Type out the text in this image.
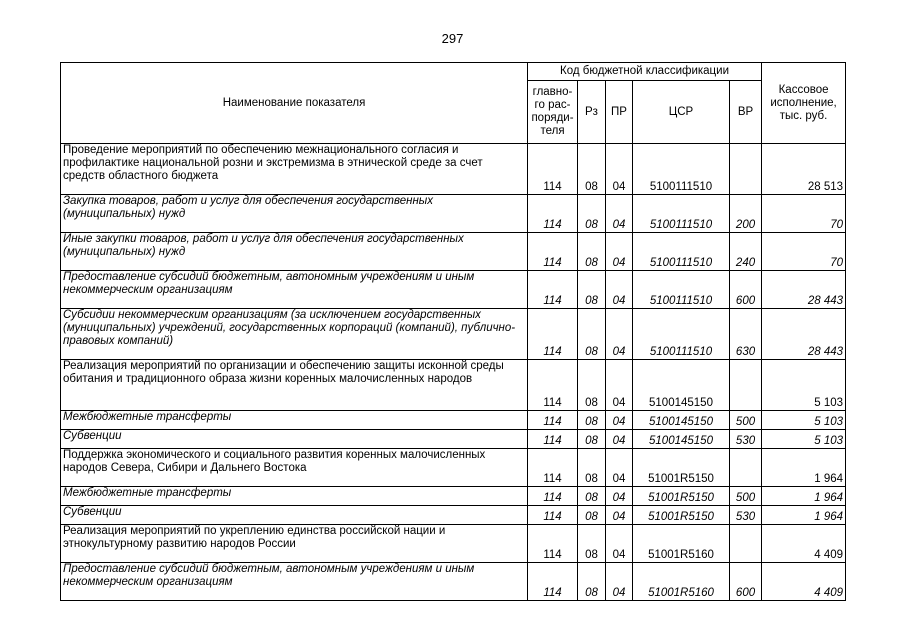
297
Наименование показателя	Код бюджетной классификации					Кассовое исполнение, тыс. руб.
	главно-го рас-поряди-теля	Рз	ПР	ЦСР	ВР	
Проведение мероприятий по обеспечению межнационального согласия и профилактике национальной розни и экстремизма в этнической среде за счет средств областного бюджета	114	08	04	5100111510		28 513
Закупка товаров, работ и услуг для обеспечения государственных (муниципальных) нужд	114	08	04	5100111510	200	70
Иные закупки товаров, работ и услуг для обеспечения государственных (муниципальных) нужд	114	08	04	5100111510	240	70
Предоставление субсидий бюджетным, автономным учреждениям и иным некоммерческим организациям	114	08	04	5100111510	600	28 443
Субсидии некоммерческим организациям (за исключением государственных (муниципальных) учреждений, государственных корпораций (компаний), публично-правовых компаний)	114	08	04	5100111510	630	28 443
Реализация мероприятий по организации и обеспечению защиты исконной среды обитания и традиционного образа жизни коренных малочисленных народов	114	08	04	5100145150		5 103
Межбюджетные трансферты	114	08	04	5100145150	500	5 103
Субвенции	114	08	04	5100145150	530	5 103
Поддержка экономического и социального развития коренных малочисленных народов Севера, Сибири и Дальнего Востока	114	08	04	51001R5150		1 964
Межбюджетные трансферты	114	08	04	51001R5150	500	1 964
Субвенции	114	08	04	51001R5150	530	1 964
Реализация мероприятий по укреплению единства российской нации и этнокультурному развитию народов России	114	08	04	51001R5160		4 409
Предоставление субсидий бюджетным, автономным учреждениям и иным некоммерческим организациям	114	08	04	51001R5160	600	4 409
